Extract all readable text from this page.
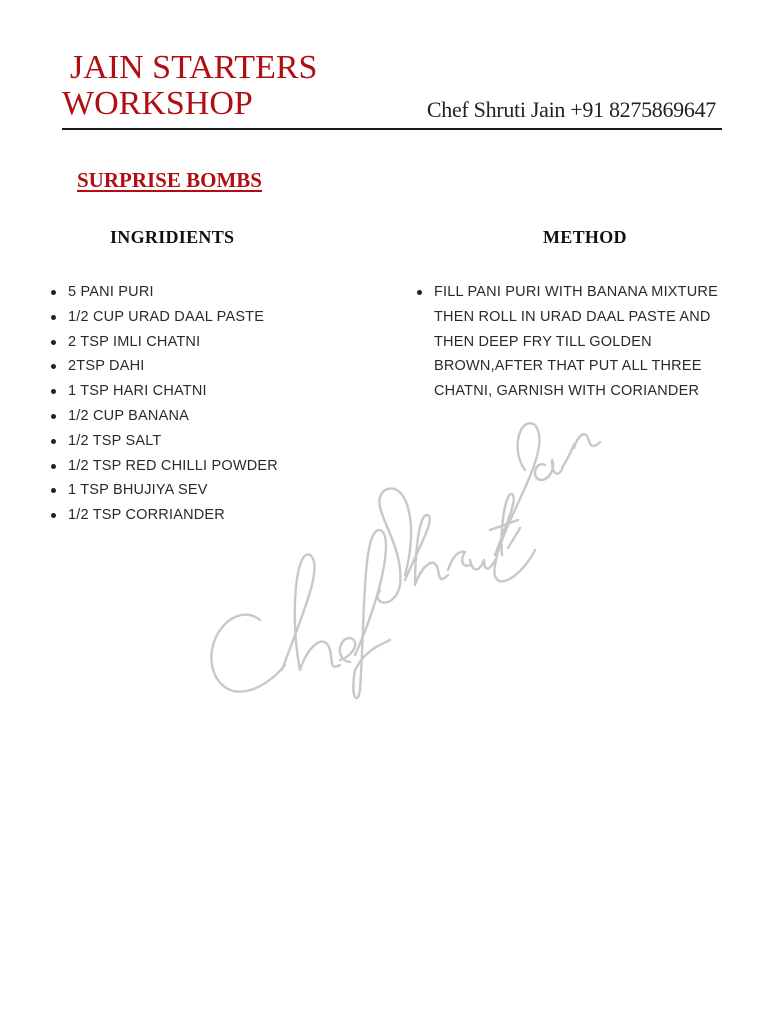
JAIN STARTERS
WORKSHOP	Chef Shruti Jain +91 8275869647
SURPRISE BOMBS
INGRIDIENTS	METHOD
5 PANI PURI
1/2 CUP URAD DAAL PASTE
2 TSP IMLI CHATNI
2TSP DAHI
1 TSP HARI CHATNI
1/2 CUP BANANA
1/2 TSP SALT
1/2 TSP RED CHILLI POWDER
1 TSP BHUJIYA SEV
1/2 TSP CORRIANDER
FILL PANI PURI WITH BANANA MIXTURE THEN ROLL IN URAD DAAL PASTE AND THEN DEEP FRY TILL GOLDEN BROWN,AFTER THAT PUT ALL THREE CHATNI, GARNISH WITH CORIANDER
